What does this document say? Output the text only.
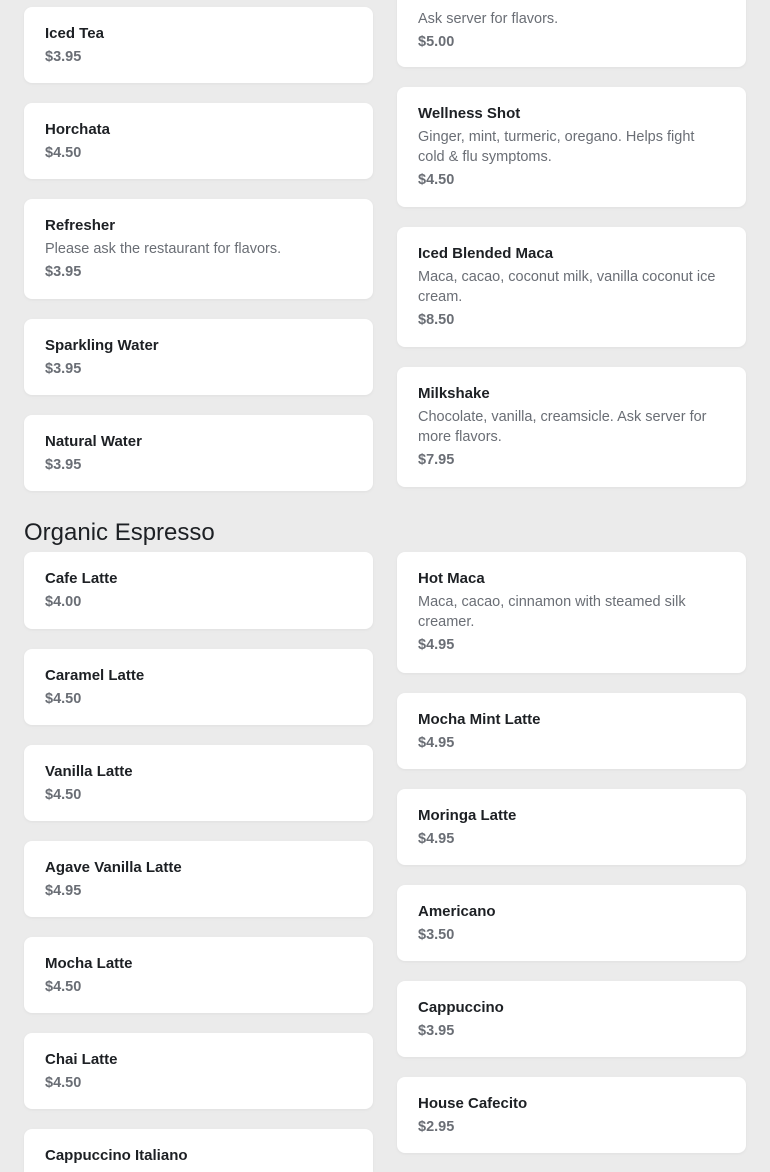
Iced Tea
$3.95
Horchata
$4.50
Refresher
Please ask the restaurant for flavors.
$3.95
Sparkling Water
$3.95
Natural Water
$3.95
Ask server for flavors.
$5.00
Wellness Shot
Ginger, mint, turmeric, oregano. Helps fight cold & flu symptoms.
$4.50
Iced Blended Maca
Maca, cacao, coconut milk, vanilla coconut ice cream.
$8.50
Milkshake
Chocolate, vanilla, creamsicle. Ask server for more flavors.
$7.95
Organic Espresso
Cafe Latte
$4.00
Caramel Latte
$4.50
Vanilla Latte
$4.50
Agave Vanilla Latte
$4.95
Mocha Latte
$4.50
Chai Latte
$4.50
Cappuccino Italiano
Hot Maca
Maca, cacao, cinnamon with steamed silk creamer.
$4.95
Mocha Mint Latte
$4.95
Moringa Latte
$4.95
Americano
$3.50
Cappuccino
$3.95
House Cafecito
$2.95
